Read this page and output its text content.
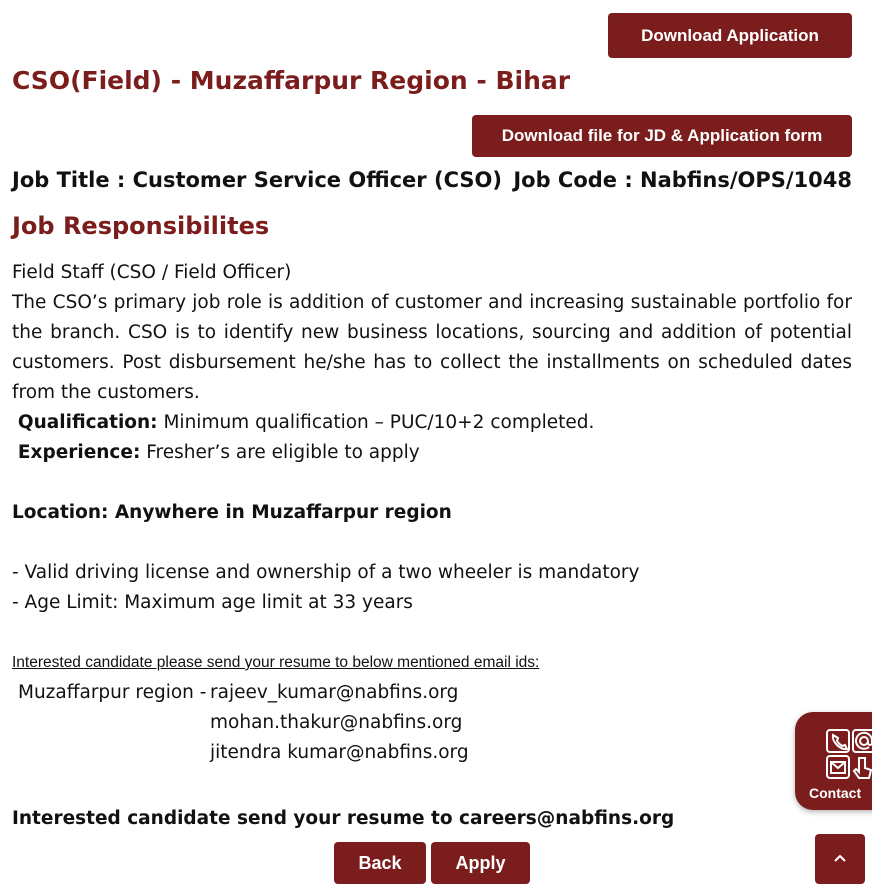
Download Application
CSO(Field) - Muzaffarpur Region - Bihar
Download file for JD & Application form
Job Title : Customer Service Officer (CSO) Job Code : Nabfins/OPS/1048
Job Responsibilites
Field Staff (CSO / Field Officer)
The CSO’s primary job role is addition of customer and increasing sustainable portfolio for the branch. CSO is to identify new business locations, sourcing and addition of potential customers. Post disbursement he/she has to collect the installments on scheduled dates from the customers.
Qualification: Minimum qualification – PUC/10+2 completed.
Experience: Fresher’s are eligible to apply
Location: Anywhere in Muzaffarpur region
- Valid driving license and ownership of a two wheeler is mandatory
- Age Limit: Maximum age limit at 33 years
Interested candidate please send your resume to below mentioned email ids:
Muzaffarpur region - rajeev_kumar@nabfins.org
mohan.thakur@nabfins.org
jitendra kumar@nabfins.org
Interested candidate send your resume to careers@nabfins.org
Back	Apply
Contact
